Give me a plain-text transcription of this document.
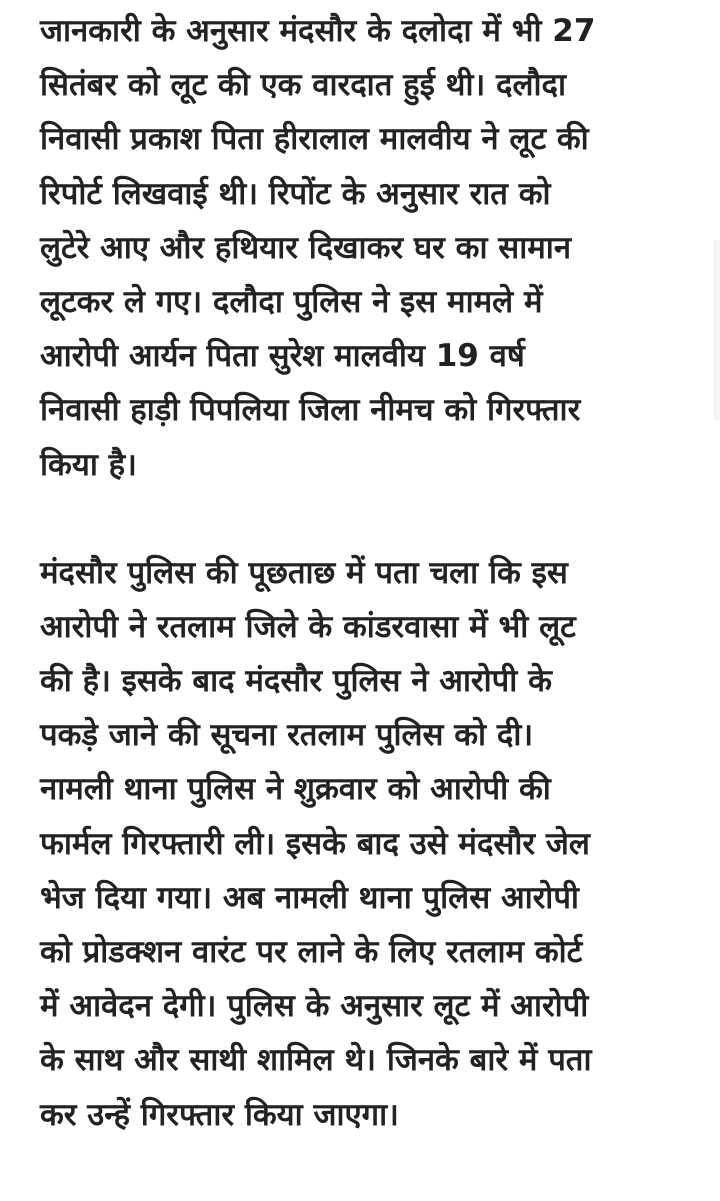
जानकारी के अनुसार मंदसौर के दलोदा में भी 27
सितंबर को लूट की एक वारदात हुई थी। दलौदा
निवासी प्रकाश पिता हीरालाल मालवीय ने लूट की
रिपोर्ट लिखवाई थी। रिपोंट के अनुसार रात को
लुटेरे आए और हथियार दिखाकर घर का सामान
लूटकर ले गए। दलौदा पुलिस ने इस मामले में
आरोपी आर्यन पिता सुरेश मालवीय 19 वर्ष
निवासी हाड़ी पिपलिया जिला नीमच को गिरफ्तार
किया है।

मंदसौर पुलिस की पूछताछ में पता चला कि इस
आरोपी ने रतलाम जिले के कांडरवासा में भी लूट
की है। इसके बाद मंदसौर पुलिस ने आरोपी के
पकड़े जाने की सूचना रतलाम पुलिस को दी।
नामली थाना पुलिस ने शुक्रवार को आरोपी की
फार्मल गिरफ्तारी ली। इसके बाद उसे मंदसौर जेल
भेज दिया गया। अब नामली थाना पुलिस आरोपी
को प्रोडक्शन वारंट पर लाने के लिए रतलाम कोर्ट
में आवेदन देगी। पुलिस के अनुसार लूट में आरोपी
के साथ और साथी शामिल थे। जिनके बारे में पता
कर उन्हें गिरफ्तार किया जाएगा।
